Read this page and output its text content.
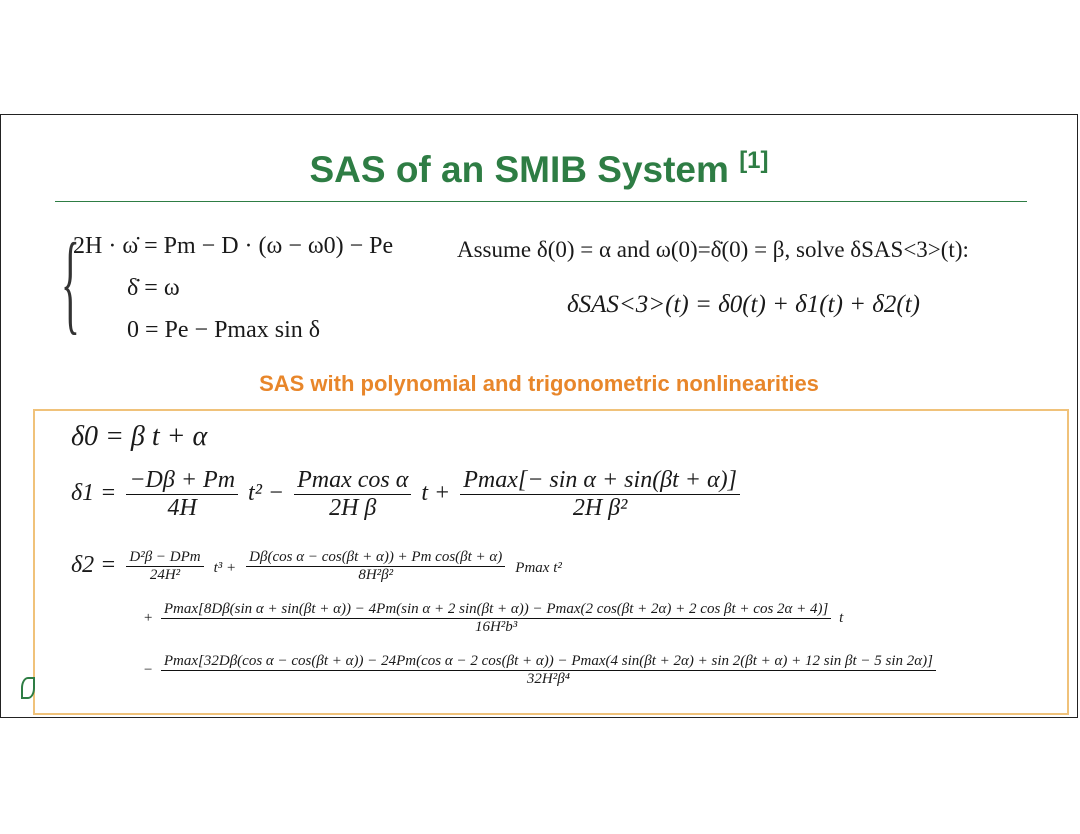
SAS of an SMIB System [1]
{
2H · ω̇ = Pm − D · (ω − ω0) − Pe
δ̇ = ω
0 = Pe − Pmax sin δ
Assume δ(0) = α and ω(0)=δ̇(0) = β, solve δSAS<3>(t):
δSAS<3>(t) = δ0(t) + δ1(t) + δ2(t)
SAS with polynomial and trigonometric nonlinearities
δ0 = β t + α
$\delta 1 = \frac{-D\beta + Pm}{4H} t^2 - \frac{\text{Pmax cos α}}{\text{2H β}}$ $t + \frac{\text{Pmax[− sin α + sin(βt + α)]}}{\text{2H β²}}$
$\delta 2 = \frac{\text{D²β − DPm}}{\text{24H²}} t^3 + \frac{\text{Dβ(cos α − cos(βt + α)) + Pm cos(βt + α)}}{\text{8H²β²}}$ Pmax t²
+
Pmax[8Dβ(sin α + sin(βt + α)) − 4Pm(sin α + 2 sin(βt + α)) − Pmax(2 cos(βt + 2α) + 2 cos βt + cos 2α + 4)]
16H²b³
t
−
Pmax[32Dβ(cos α − cos(βt + α)) − 24Pm(cos α − 2 cos(βt + α)) − Pmax(4 sin(βt + 2α) + sin 2(βt + α) + 12 sin βt − 5 sin 2α)]
32H²β⁴
